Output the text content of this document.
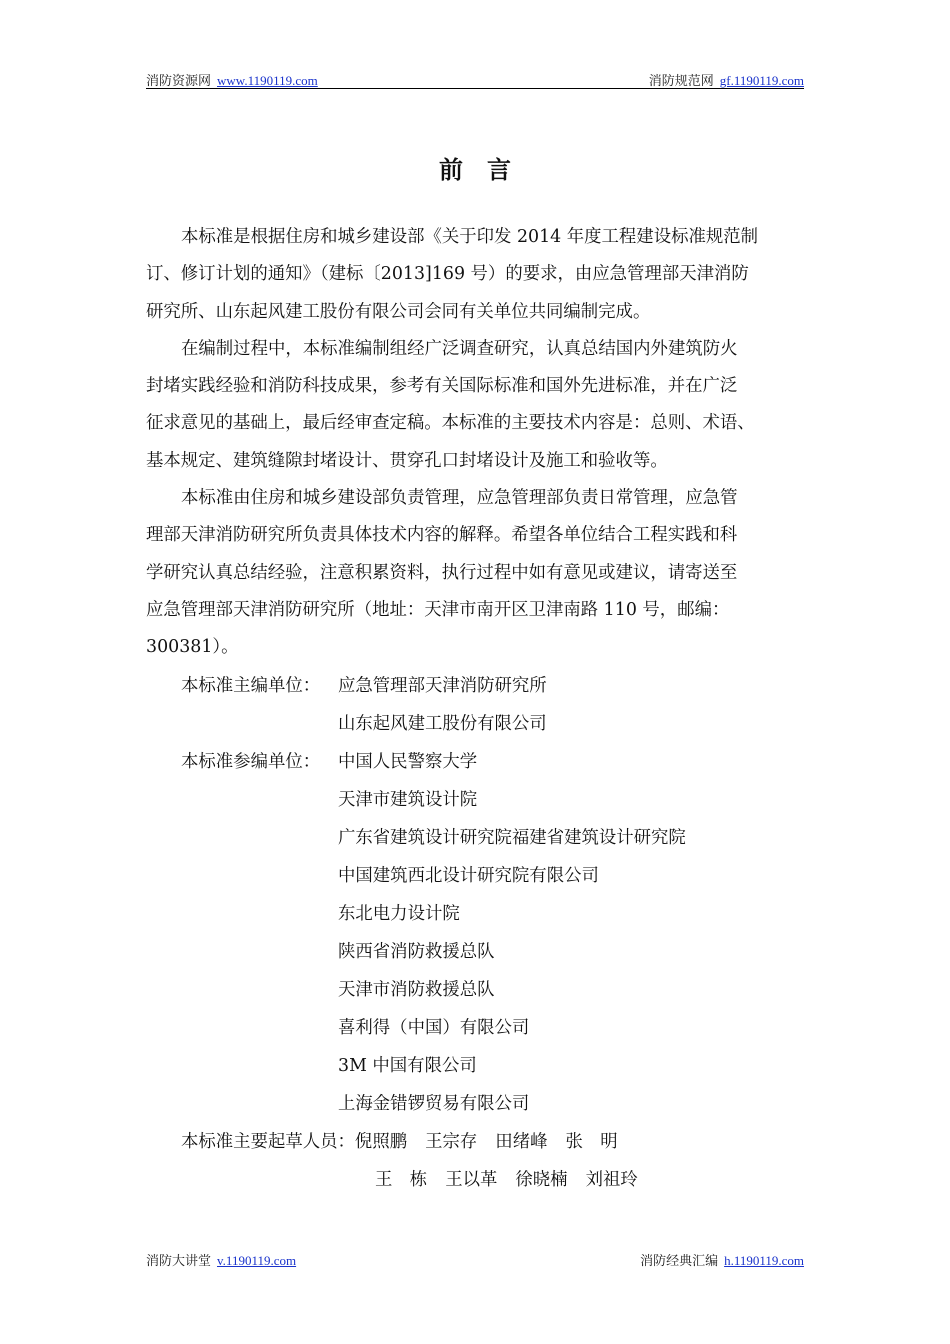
消防资源网 www.1190119.com	消防规范网 gf.1190119.com
前言

本标准是根据住房和城乡建设部《关于印发 2014 年度工程建设标准规范制
订、修订计划的通知》（建标〔2013]169 号）的要求，由应急管理部天津消防
研究所、山东起风建工股份有限公司会同有关单位共同编制完成。

在编制过程中，本标准编制组经广泛调查研究，认真总结国内外建筑防火
封堵实践经验和消防科技成果，参考有关国际标准和国外先进标准，并在广泛
征求意见的基础上，最后经审查定稿。本标准的主要技术内容是：总则、术语、
基本规定、建筑缝隙封堵设计、贯穿孔口封堵设计及施工和验收等。

本标准由住房和城乡建设部负责管理，应急管理部负责日常管理，应急管
理部天津消防研究所负责具体技术内容的解释。希望各单位结合工程实践和科
学研究认真总结经验，注意积累资料，执行过程中如有意见或建议，请寄送至
应急管理部天津消防研究所（地址：天津市南开区卫津南路 110 号，邮编：
300381）。

本标准主编单位： 应急管理部天津消防研究所
山东起风建工股份有限公司
本标准参编单位： 中国人民警察大学
天津市建筑设计院
广东省建筑设计研究院福建省建筑设计研究院
中国建筑西北设计研究院有限公司
东北电力设计院
陕西省消防救援总队
天津市消防救援总队
喜利得（中国）有限公司
3M 中国有限公司
上海金错锣贸易有限公司
本标准主要起草人员：倪照鹏 王宗存 田绪峰 张　明
王　栋 王以革 徐晓楠 刘祖玲
消防大讲堂 v.1190119.com	消防经典汇编 h.1190119.com
